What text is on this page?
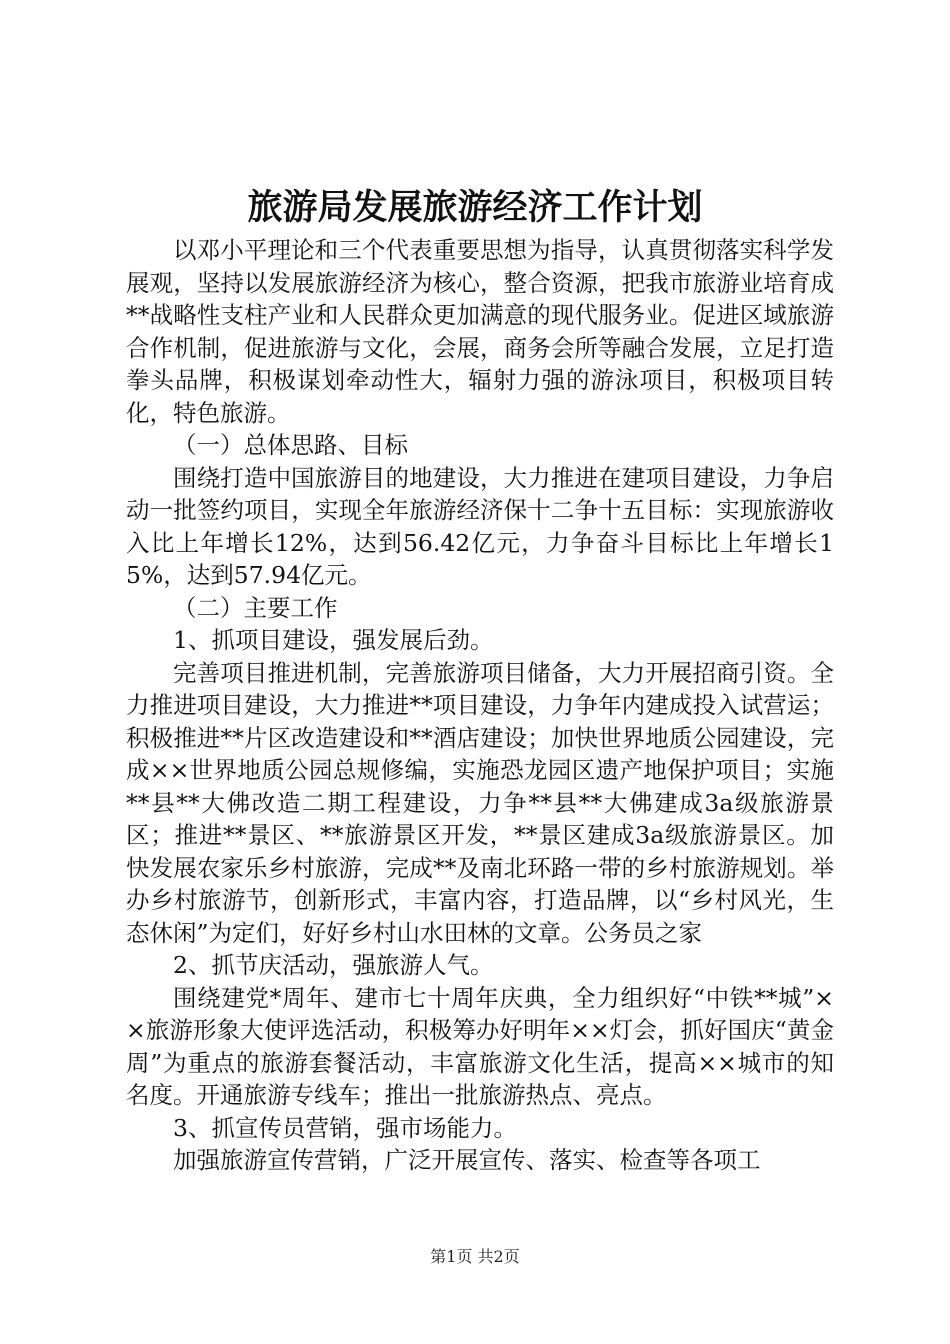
旅游局发展旅游经济工作计划

以邓小平理论和三个代表重要思想为指导，认真贯彻落实科学发展观，坚持以发展旅游经济为核心，整合资源，把我市旅游业培育成**战略性支柱产业和人民群众更加满意的现代服务业。促进区域旅游合作机制，促进旅游与文化，会展，商务会所等融合发展，立足打造拳头品牌，积极谋划牵动性大，辐射力强的游泳项目，积极项目转化，特色旅游。

（一）总体思路、目标

围绕打造中国旅游目的地建设，大力推进在建项目建设，力争启动一批签约项目，实现全年旅游经济保十二争十五目标：实现旅游收入比上年增长12%，达到56.42亿元，力争奋斗目标比上年增长15%，达到57.94亿元。

（二）主要工作

1、抓项目建设，强发展后劲。

完善项目推进机制，完善旅游项目储备，大力开展招商引资。全力推进项目建设，大力推进**项目建设，力争年内建成投入试营运；积极推进**片区改造建设和**酒店建设；加快世界地质公园建设，完成××世界地质公园总规修编，实施恐龙园区遗产地保护项目；实施**县**大佛改造二期工程建设，力争**县**大佛建成3a级旅游景区；推进**景区、**旅游景区开发，**景区建成3a级旅游景区。加快发展农家乐乡村旅游，完成**及南北环路一带的乡村旅游规划。举办乡村旅游节，创新形式，丰富内容，打造品牌，以“乡村风光，生态休闲”为定们，好好乡村山水田林的文章。公务员之家

2、抓节庆活动，强旅游人气。

围绕建党*周年、建市七十周年庆典，全力组织好“中铁**城”××旅游形象大使评选活动，积极筹办好明年××灯会，抓好国庆“黄金周”为重点的旅游套餐活动，丰富旅游文化生活，提高××城市的知名度。开通旅游专线车；推出一批旅游热点、亮点。

3、抓宣传员营销，强市场能力。

加强旅游宣传营销，广泛开展宣传、落实、检查等各项工

第1页 共2页
